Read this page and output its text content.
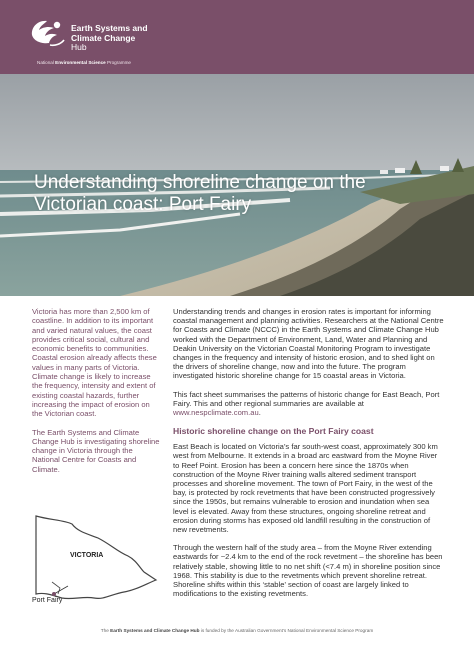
Earth Systems and
Climate Change
Hub
National Environmental Science Programme
Understanding shoreline change on the
Victorian coast: Port Fairy

Victoria has more than 2,500 km of coastline. In addition to its important and varied natural values, the coast provides critical social, cultural and economic benefits to communities. Coastal erosion already affects these values in many parts of Victoria. Climate change is likely to increase the frequency, intensity and extent of existing coastal hazards, further increasing the impact of erosion on the Victorian coast.

The Earth Systems and Climate Change Hub is investigating shoreline change in Victoria through the National Centre for Coasts and Climate.

VICTORIA
Port Fairy

Understanding trends and changes in erosion rates is important for informing coastal management and planning activities. Researchers at the National Centre for Coasts and Climate (NCCC) in the Earth Systems and Climate Change Hub worked with the Department of Environment, Land, Water and Planning and Deakin University on the Victorian Coastal Monitoring Program to investigate changes in the frequency and intensity of historic erosion, and to shed light on the drivers of shoreline change, now and into the future. The program investigated historic shoreline change for 15 coastal areas in Victoria.

This fact sheet summarises the patterns of historic change for East Beach, Port Fairy. This and other regional summaries are available at www.nespclimate.com.au.

Historic shoreline change on the Port Fairy coast

East Beach is located on Victoria’s far south-west coast, approximately 300 km west from Melbourne. It extends in a broad arc eastward from the Moyne River to Reef Point. Erosion has been a concern here since the 1870s when construction of the Moyne River training walls altered sediment transport processes and shoreline movement. The town of Port Fairy, in the west of the bay, is protected by rock revetments that have been constructed progressively since the 1950s, but remains vulnerable to erosion and inundation when sea level is elevated. Away from these structures, ongoing shoreline retreat and erosion during storms has exposed old landfill resulting in the construction of new revetments.

Through the western half of the study area – from the Moyne River extending eastwards for ~2.4 km to the end of the rock revetment – the shoreline has been relatively stable, showing little to no net shift (<7.4 m) in shoreline position since 1968. This stability is due to the revetments which prevent shoreline retreat. Shoreline shifts within this ‘stable’ section of coast are largely linked to modifications to the existing revetments.

The Earth Systems and Climate Change Hub is funded by the Australian Government’s National Environmental Science Program
